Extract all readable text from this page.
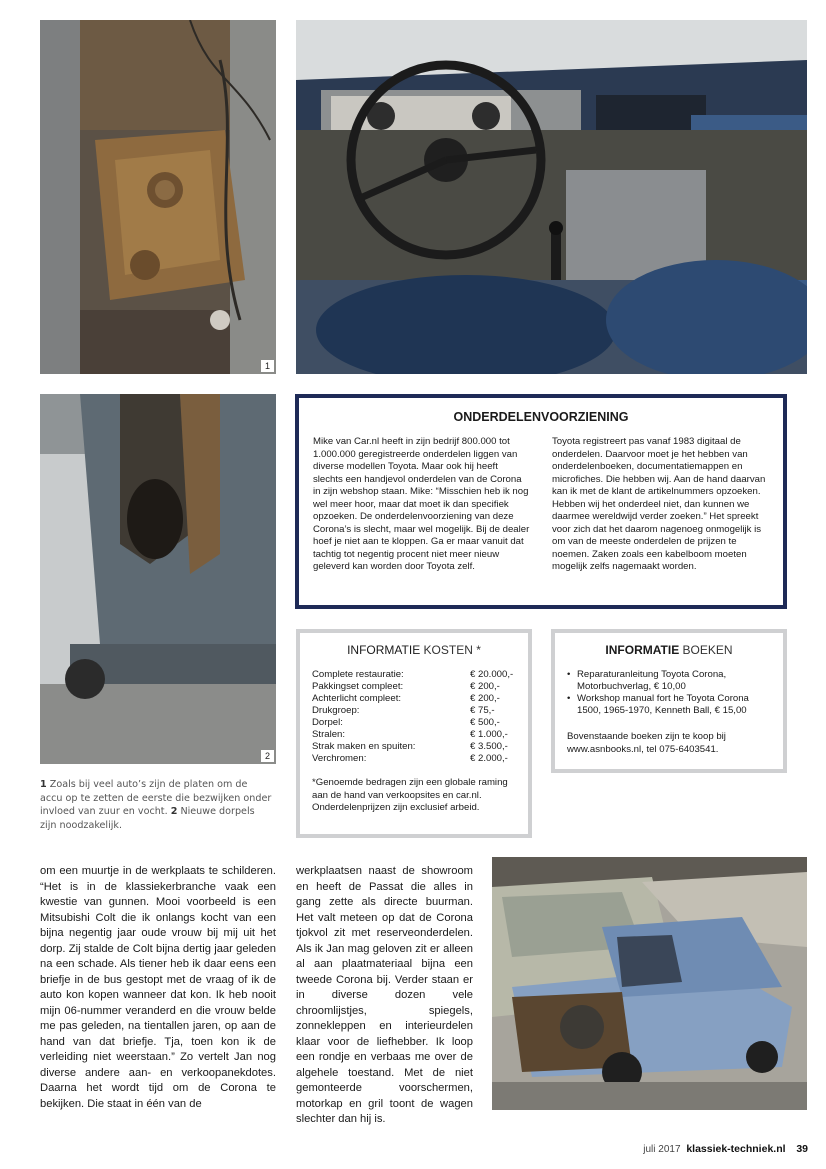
1
2
1 Zoals bij veel auto’s zijn de platen om de accu op te zetten de eerste die bezwijken onder invloed van zuur en vocht. 2 Nieuwe dorpels zijn noodzakelijk.
ONDERDELENVOORZIENING

Mike van Car.nl heeft in zijn bedrijf 800.000 tot 1.000.000 geregistreerde onderdelen liggen van diverse modellen Toyota. Maar ook hij heeft slechts een handjevol onderdelen van de Corona in zijn webshop staan. Mike: “Misschien heb ik nog wel meer hoor, maar dat moet ik dan specifiek opzoeken. De onderdelenvoorziening van deze Corona’s is slecht, maar wel mogelijk. Bij de dealer hoef je niet aan te kloppen. Ga er maar vanuit dat tachtig tot negentig procent niet meer nieuw geleverd kan worden door Toyota zelf.

Toyota registreert pas vanaf 1983 digitaal de onderdelen. Daarvoor moet je het hebben van onderdelenboeken, documentatiemappen en microfiches. Die hebben wij. Aan de hand daarvan kan ik met de klant de artikelnummers opzoeken. Hebben wij het onderdeel niet, dan kunnen we daarmee wereldwijd verder zoeken.” Het spreekt voor zich dat het daarom nagenoeg onmogelijk is om van de meeste onderdelen de prijzen te noemen. Zaken zoals een kabelboom moeten mogelijk zelfs nagemaakt worden.

INFORMATIE KOSTEN *
Complete restauratie:	€ 20.000,-
Pakkingset compleet:	€ 200,-
Achterlicht compleet:	€ 200,-
Drukgroep:	€ 75,-
Dorpel:	€ 500,-
Stralen:	€ 1.000,-
Strak maken en spuiten:	€ 3.500,-
Verchromen:	€ 2.000,-

*Genoemde bedragen zijn een globale raming aan de hand van verkoopsites en car.nl. Onderdelenprijzen zijn exclusief arbeid.

INFORMATIE BOEKEN
• Reparaturanleitung Toyota Corona, Motorbuchverlag, € 10,00
• Workshop manual fort he Toyota Corona 1500, 1965-1970, Kenneth Ball, € 15,00

Bovenstaande boeken zijn te koop bij www.asnbooks.nl, tel 075-6403541.

om een muurtje in de werkplaats te schilderen. “Het is in de klassiekerbranche vaak een kwestie van gunnen. Mooi voorbeeld is een Mitsubishi Colt die ik onlangs kocht van een bijna negentig jaar oude vrouw bij mij uit het dorp. Zij stalde de Colt bijna dertig jaar geleden na een schade. Als tiener heb ik daar eens een briefje in de bus gestopt met de vraag of ik de auto kon kopen wanneer dat kon. Ik heb nooit mijn 06-nummer veranderd en die vrouw belde me pas geleden, na tientallen jaren, op aan de hand van dat briefje. Tja, toen kon ik de verleiding niet weerstaan.” Zo vertelt Jan nog diverse andere aan- en verkoopanekdotes. Daarna het wordt tijd om de Corona te bekijken. Die staat in één van de

werkplaatsen naast de showroom en heeft de Passat die alles in gang zette als directe buurman. Het valt meteen op dat de Corona tjokvol zit met reserveonderdelen. Als ik Jan mag geloven zit er alleen al aan plaatmateriaal bijna een tweede Corona bij. Verder staan er in diverse dozen vele chroomlijstjes, spiegels, zonnekleppen en interieurdelen klaar voor de liefhebber. Ik loop een rondje en verbaas me over de algehele toestand. Met de niet gemonteerde voorschermen, motorkap en gril toont de wagen slechter dan hij is.

juli 2017 klassiek-techniek.nl 39
